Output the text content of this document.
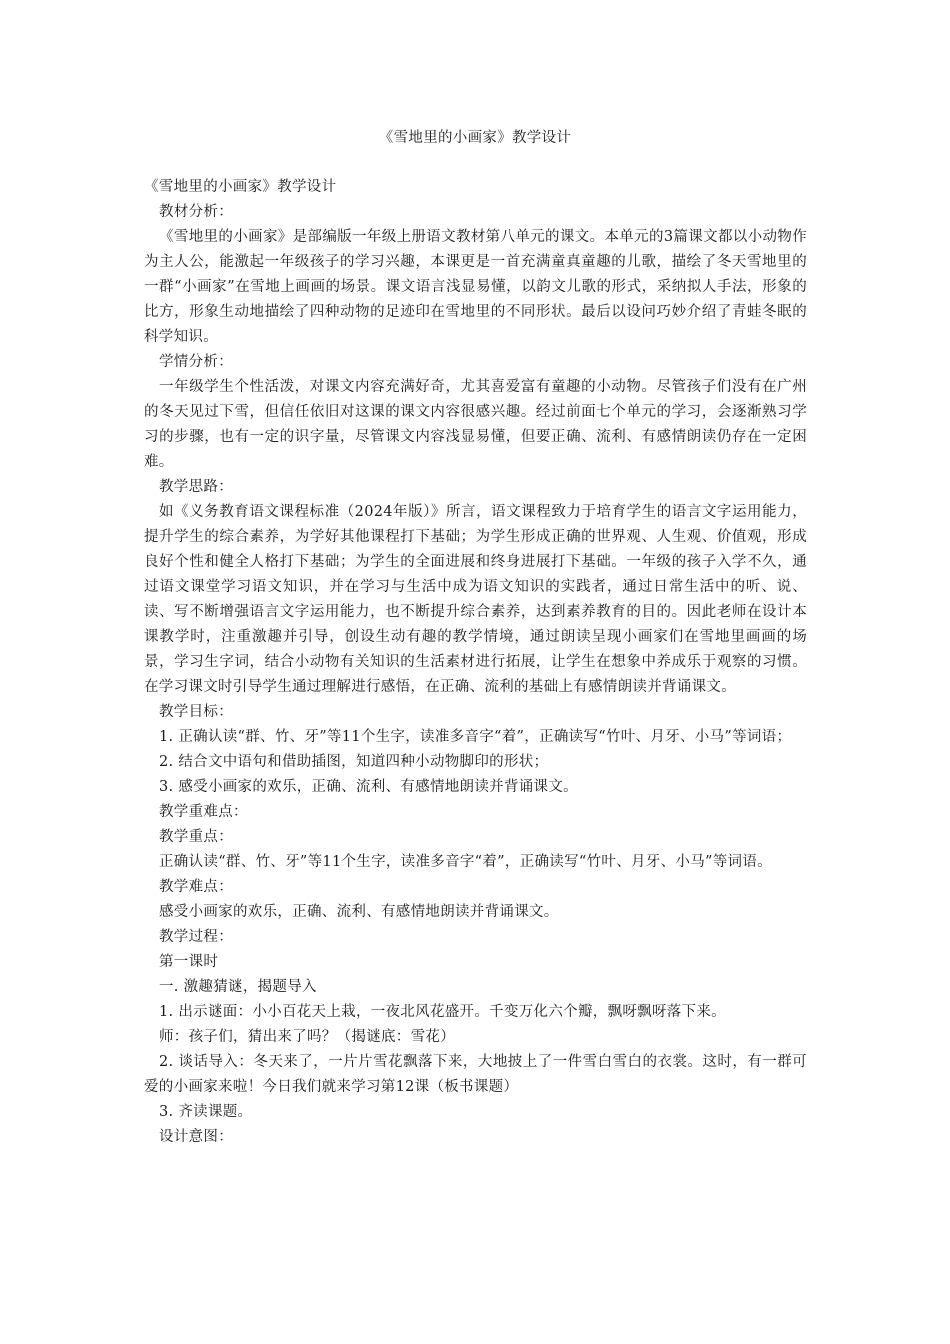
《雪地里的小画家》教学设计

《雪地里的小画家》教学设计

教材分析：

《雪地里的小画家》是部编版一年级上册语文教材第八单元的课文。本单元的3篇课文都以小动物作为主人公，能激起一年级孩子的学习兴趣，本课更是一首充满童真童趣的儿歌，描绘了冬天雪地里的一群“小画家”在雪地上画画的场景。课文语言浅显易懂，以韵文儿歌的形式，采纳拟人手法，形象的比方，形象生动地描绘了四种动物的足迹印在雪地里的不同形状。最后以设问巧妙介绍了青蛙冬眠的科学知识。

学情分析：

一年级学生个性活泼，对课文内容充满好奇，尤其喜爱富有童趣的小动物。尽管孩子们没有在广州的冬天见过下雪，但信任依旧对这课的课文内容很感兴趣。经过前面七个单元的学习，会逐渐熟习学习的步骤，也有一定的识字量，尽管课文内容浅显易懂，但要正确、流利、有感情朗读仍存在一定困难。

教学思路：

如《义务教育语文课程标准（2024年版）》所言，语文课程致力于培育学生的语言文字运用能力，提升学生的综合素养，为学好其他课程打下基础；为学生形成正确的世界观、人生观、价值观，形成良好个性和健全人格打下基础；为学生的全面进展和终身进展打下基础。一年级的孩子入学不久，通过语文课堂学习语文知识，并在学习与生活中成为语文知识的实践者，通过日常生活中的听、说、读、写不断增强语言文字运用能力，也不断提升综合素养，达到素养教育的目的。因此老师在设计本课教学时，注重激趣并引导，创设生动有趣的教学情境，通过朗读呈现小画家们在雪地里画画的场景，学习生字词，结合小动物有关知识的生活素材进行拓展，让学生在想象中养成乐于观察的习惯。在学习课文时引导学生通过理解进行感悟，在正确、流利的基础上有感情朗读并背诵课文。

教学目标：

1. 正确认读“群、竹、牙”等11个生字，读准多音字“着”，正确读写“竹叶、月牙、小马”等词语；

2. 结合文中语句和借助插图，知道四种小动物脚印的形状；

3. 感受小画家的欢乐，正确、流利、有感情地朗读并背诵课文。

教学重难点：

教学重点：

正确认读“群、竹、牙”等11个生字，读准多音字“着”，正确读写“竹叶、月牙、小马”等词语。

教学难点：

感受小画家的欢乐，正确、流利、有感情地朗读并背诵课文。

教学过程：

第一课时

一. 激趣猜谜，揭题导入

1. 出示谜面：小小百花天上栽，一夜北风花盛开。千变万化六个瓣，飘呀飘呀落下来。

师：孩子们，猜出来了吗？（揭谜底：雪花）

2. 谈话导入：冬天来了，一片片雪花飘落下来，大地披上了一件雪白雪白的衣裳。这时，有一群可爱的小画家来啦！今日我们就来学习第12课（板书课题）

3. 齐读课题。

设计意图：
